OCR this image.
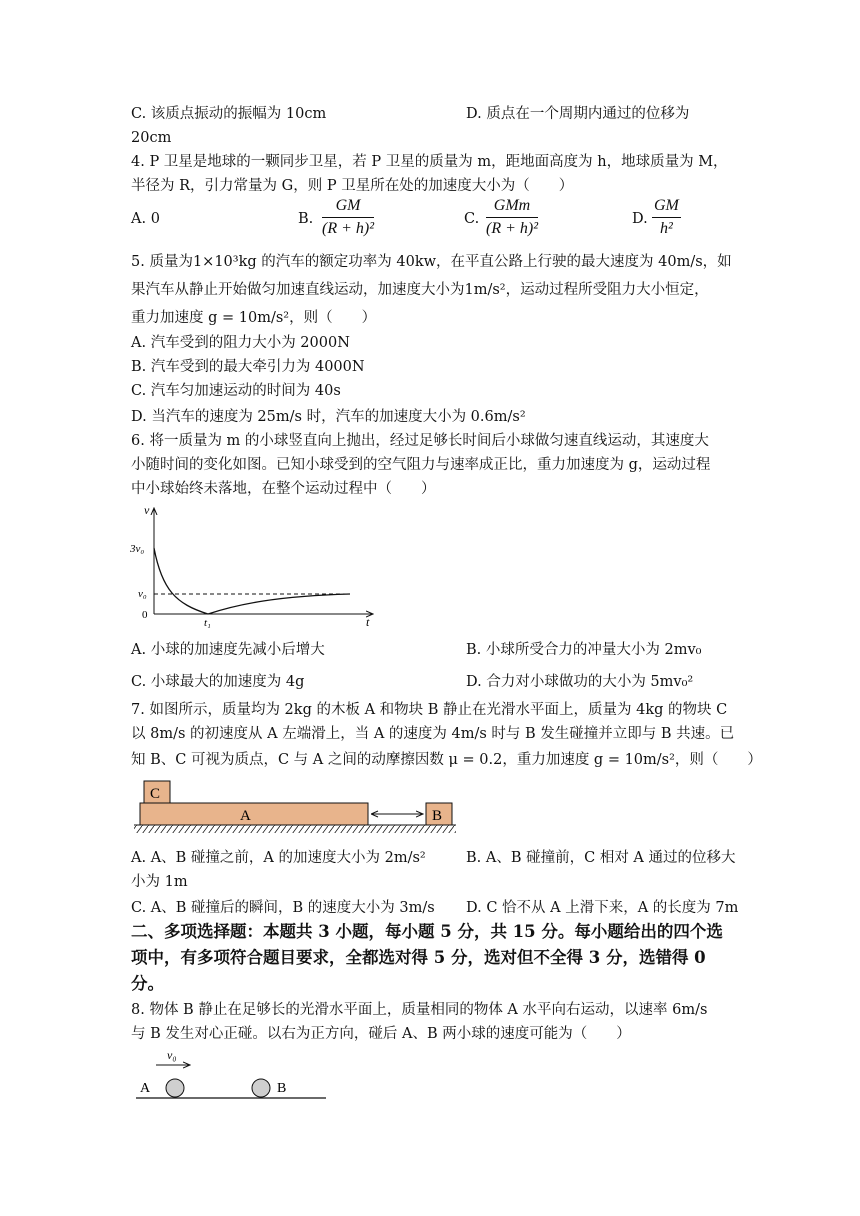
C. 该质点振动的振幅为 10cm	D. 质点在一个周期内通过的位移为
20cm
4. P 卫星是地球的一颗同步卫星，若 P 卫星的质量为 m，距地面高度为 h，地球质量为 M，
半径为 R，引力常量为 G，则 P 卫星所在处的加速度大小为（　　）
A. 0	B.
GM
(R + h)²
C.
GMm
(R + h)²
D.
GM
h²
5. 质量为1×10³kg 的汽车的额定功率为 40kw，在平直公路上行驶的最大速度为 40m/s，如
果汽车从静止开始做匀加速直线运动，加速度大小为1m/s²，运动过程所受阻力大小恒定，
重力加速度 g = 10m/s²，则（　　）
A. 汽车受到的阻力大小为 2000N
B. 汽车受到的最大牵引力为 4000N
C. 汽车匀加速运动的时间为 40s
D. 当汽车的速度为 25m/s 时，汽车的加速度大小为 0.6m/s²
6. 将一质量为 m 的小球竖直向上抛出，经过足够长时间后小球做匀速直线运动，其速度大
小随时间的变化如图。已知小球受到的空气阻力与速率成正比，重力加速度为 g，运动过程
中小球始终未落地，在整个运动过程中（　　）
v
t
3v₀
v₀
0
t₁
A. 小球的加速度先减小后增大	B. 小球所受合力的冲量大小为 2mv₀
C. 小球最大的加速度为 4g	D. 合力对小球做功的大小为 5mv₀²
7. 如图所示，质量均为 2kg 的木板 A 和物块 B 静止在光滑水平面上，质量为 4kg 的物块 C
以 8m/s 的初速度从 A 左端滑上，当 A 的速度为 4m/s 时与 B 发生碰撞并立即与 B 共速。已
知 B、C 可视为质点，C 与 A 之间的动摩擦因数 μ = 0.2，重力加速度 g = 10m/s²，则（　　）
C
A	B
A. A、B 碰撞之前，A 的加速度大小为 2m/s²	B. A、B 碰撞前，C 相对 A 通过的位移大
小为 1m
C. A、B 碰撞后的瞬间，B 的速度大小为 3m/s D. C 恰不从 A 上滑下来，A 的长度为 7m
二、多项选择题：本题共 3 小题，每小题 5 分，共 15 分。每小题给出的四个选
项中，有多项符合题目要求，全都选对得 5 分，选对但不全得 3 分，选错得 0
分。
8. 物体 B 静止在足够长的光滑水平面上，质量相同的物体 A 水平向右运动，以速率 6m/s
与 B 发生对心正碰。以右为正方向，碰后 A、B 两小球的速度可能为（　　）
v₀
A	B
